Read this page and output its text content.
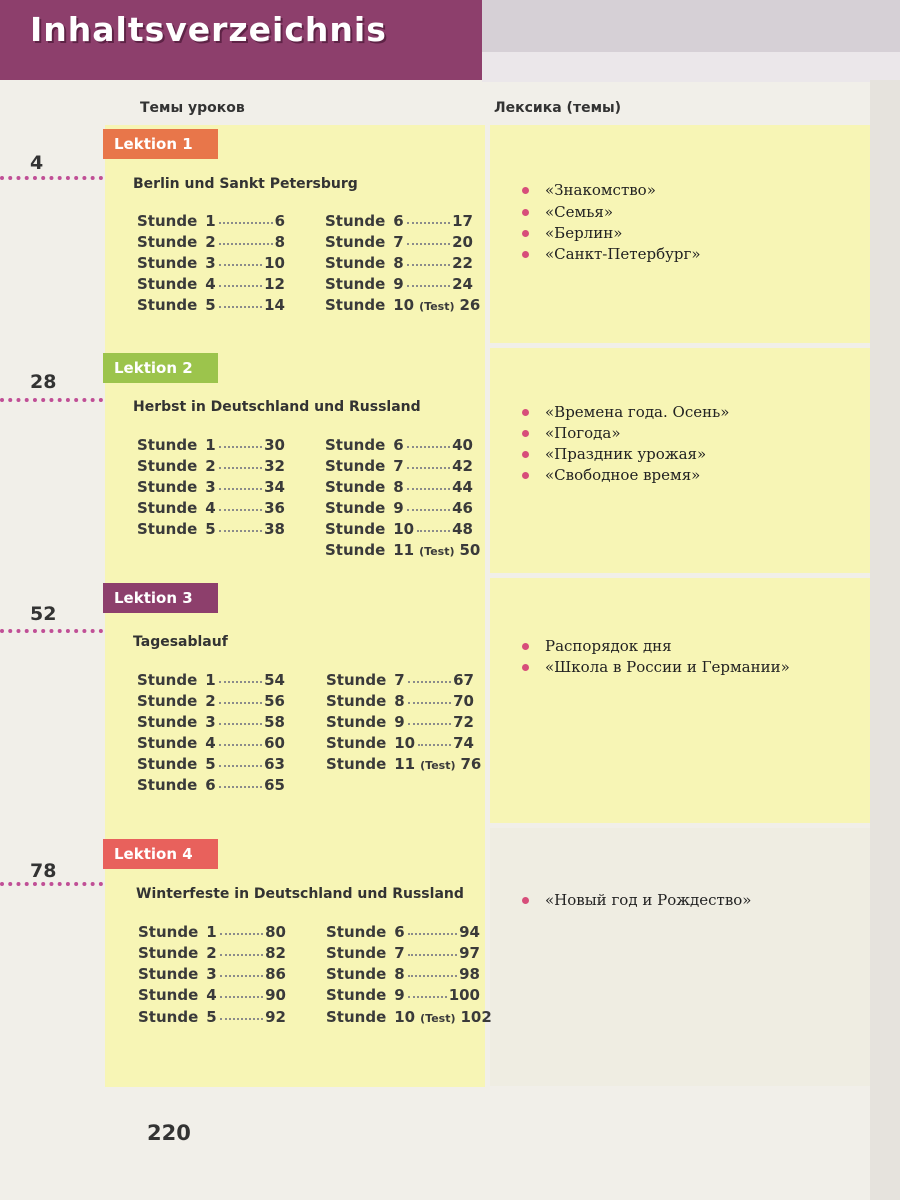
Inhaltsverzeichnis
Темы уроков	Лексика (темы)
Lektion 1
4
Berlin und Sankt Petersburg
Stunde 1	6
Stunde 2	8
Stunde 3	10
Stunde 4	12
Stunde 5	14
Stunde 6	17
Stunde 7	20
Stunde 8	22
Stunde 9	24
Stunde 10 (Test) 26
«Знакомство»
«Семья»
«Берлин»
«Санкт-Петербург»
Lektion 2
28
Herbst in Deutschland und Russland
Stunde 1	30
Stunde 2	32
Stunde 3	34
Stunde 4	36
Stunde 5	38
Stunde 6	40
Stunde 7	42
Stunde 8	44
Stunde 9	46
Stunde 10	48
Stunde 11 (Test) 50
«Времена года. Осень»
«Погода»
«Праздник урожая»
«Свободное время»
Lektion 3
52
Tagesablauf
Stunde 1	54
Stunde 2	56
Stunde 3	58
Stunde 4	60
Stunde 5	63
Stunde 6	65
Stunde 7	67
Stunde 8	70
Stunde 9	72
Stunde 10	74
Stunde 11 (Test) 76
Распорядок дня
«Школа в России и Германии»
Lektion 4
78
Winterfeste in Deutschland und Russland
Stunde 1	80
Stunde 2	82
Stunde 3	86
Stunde 4	90
Stunde 5	92
Stunde 6	94
Stunde 7	97
Stunde 8	98
Stunde 9	100
Stunde 10 (Test) 102
«Новый год и Рождество»
220
